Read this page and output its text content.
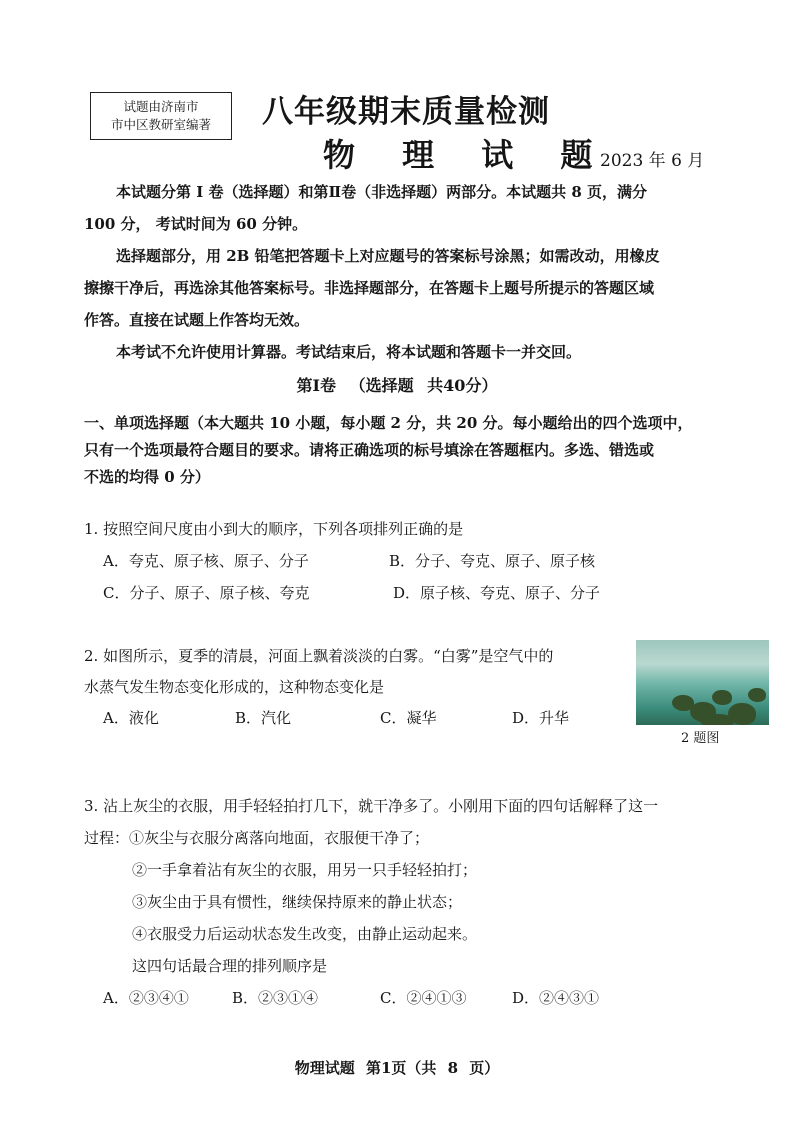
试题由济南市
市中区教研室编著	八年级期末质量检测
物 理 试 题
2023 年 6 月
本试题分第 Ⅰ 卷（选择题）和第Ⅱ卷（非选择题）两部分。本试题共 8 页，满分
100 分， 考试时间为 60 分钟。
选择题部分，用 2B 铅笔把答题卡上对应题号的答案标号涂黑；如需改动，用橡皮
擦擦干净后，再选涂其他答案标号。非选择题部分，在答题卡上题号所提示的答题区域
作答。直接在试题上作答均无效。
本考试不允许使用计算器。考试结束后，将本试题和答题卡一并交回。
第Ⅰ卷 （选择题 共40分）
一、单项选择题（本大题共 10 小题，每小题 2 分，共 20 分。每小题给出的四个选项中，
只有一个选项最符合题目的要求。请将正确选项的标号填涂在答题框内。多选、错选或
不选的均得 0 分）
1. 按照空间尺度由小到大的顺序，下列各项排列正确的是
A．夸克、原子核、原子、分子	B．分子、夸克、原子、原子核
C．分子、原子、原子核、夸克	D．原子核、夸克、原子、分子
2. 如图所示，夏季的清晨，河面上飘着淡淡的白雾。“白雾”是空气中的
水蒸气发生物态变化形成的，这种物态变化是
A．液化	B．汽化	C．凝华	D．升华
2 题图
3. 沾上灰尘的衣服，用手轻轻拍打几下，就干净多了。小刚用下面的四句话解释了这一
过程：①灰尘与衣服分离落向地面，衣服便干净了；
②一手拿着沾有灰尘的衣服，用另一只手轻轻拍打；
③灰尘由于具有惯性，继续保持原来的静止状态；
④衣服受力后运动状态发生改变，由静止运动起来。
这四句话最合理的排列顺序是
A．②③④①	B．②③①④	C．②④①③	D．②④③①
物理试题 第1页（共 8 页）
